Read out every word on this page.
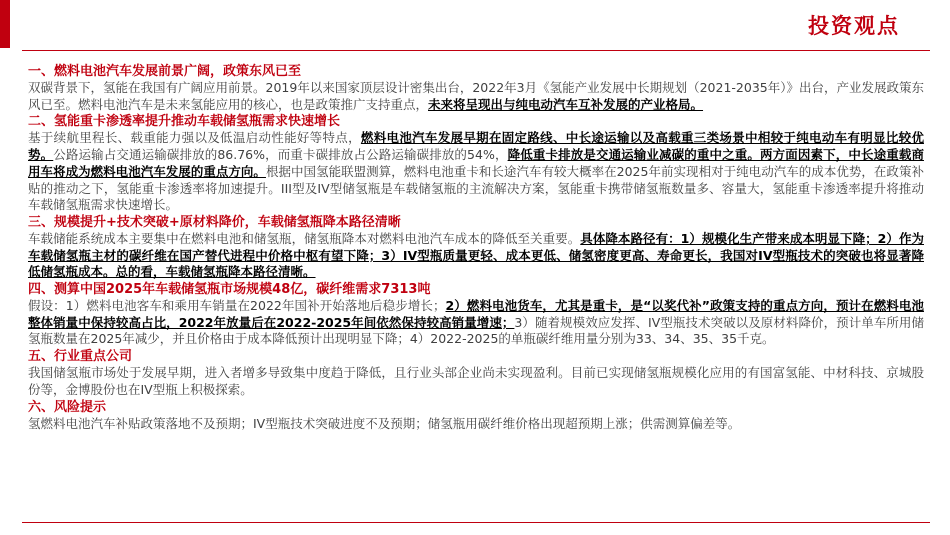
投资观点
一、燃料电池汽车发展前景广阔，政策东风已至
双碳背景下，氢能在我国有广阔应用前景。2019年以来国家顶层设计密集出台，2022年3月《氢能产业发展中长期规划（2021-2035年）》出台，产业发展政策东风已至。燃料电池汽车是未来氢能应用的核心，也是政策推广支持重点，未来将呈现出与纯电动汽车互补发展的产业格局。
二、氢能重卡渗透率提升推动车载储氢瓶需求快速增长
基于续航里程长、载重能力强以及低温启动性能好等特点，燃料电池汽车发展早期在固定路线、中长途运输以及高载重三类场景中相较于纯电动车有明显比较优势。公路运输占交通运输碳排放的86.76%，而重卡碳排放占公路运输碳排放的54%，降低重卡排放是交通运输业减碳的重中之重。两方面因素下，中长途重载商用车将成为燃料电池汽车发展的重点方向。根据中国氢能联盟测算，燃料电池重卡和长途汽车有较大概率在2025年前实现相对于纯电动汽车的成本优势，在政策补贴的推动之下，氢能重卡渗透率将加速提升。III型及IV型储氢瓶是车载储氢瓶的主流解决方案，氢能重卡携带储氢瓶数量多、容量大，氢能重卡渗透率提升将推动车载储氢瓶需求快速增长。
三、规模提升+技术突破+原材料降价，车载储氢瓶降本路径清晰
车载储能系统成本主要集中在燃料电池和储氢瓶，储氢瓶降本对燃料电池汽车成本的降低至关重要。具体降本路径有：1）规模化生产带来成本明显下降；2）作为车载储氢瓶主材的碳纤维在国产替代进程中价格中枢有望下降；3）IV型瓶质量更轻、成本更低、储氢密度更高、寿命更长，我国对IV型瓶技术的突破也将显著降低储氢瓶成本。总的看，车载储氢瓶降本路径清晰。
四、测算中国2025年车载储氢瓶市场规模48亿，碳纤维需求7313吨
假设：1）燃料电池客车和乘用车销量在2022年国补开始落地后稳步增长；2）燃料电池货车，尤其是重卡，是“以奖代补”政策支持的重点方向，预计在燃料电池整体销量中保持较高占比，2022年放量后在2022-2025年间依然保持较高销量增速；3）随着规模效应发挥、IV型瓶技术突破以及原材料降价，预计单车所用储氢瓶数量在2025年减少，并且价格由于成本降低预计出现明显下降；4）2022-2025的单瓶碳纤维用量分别为33、34、35、35千克。
五、行业重点公司
我国储氢瓶市场处于发展早期，进入者增多导致集中度趋于降低，且行业头部企业尚未实现盈利。目前已实现储氢瓶规模化应用的有国富氢能、中材科技、京城股份等，金博股份也在IV型瓶上积极探索。
六、风险提示
氢燃料电池汽车补贴政策落地不及预期；IV型瓶技术突破进度不及预期；储氢瓶用碳纤维价格出现超预期上涨；供需测算偏差等。
